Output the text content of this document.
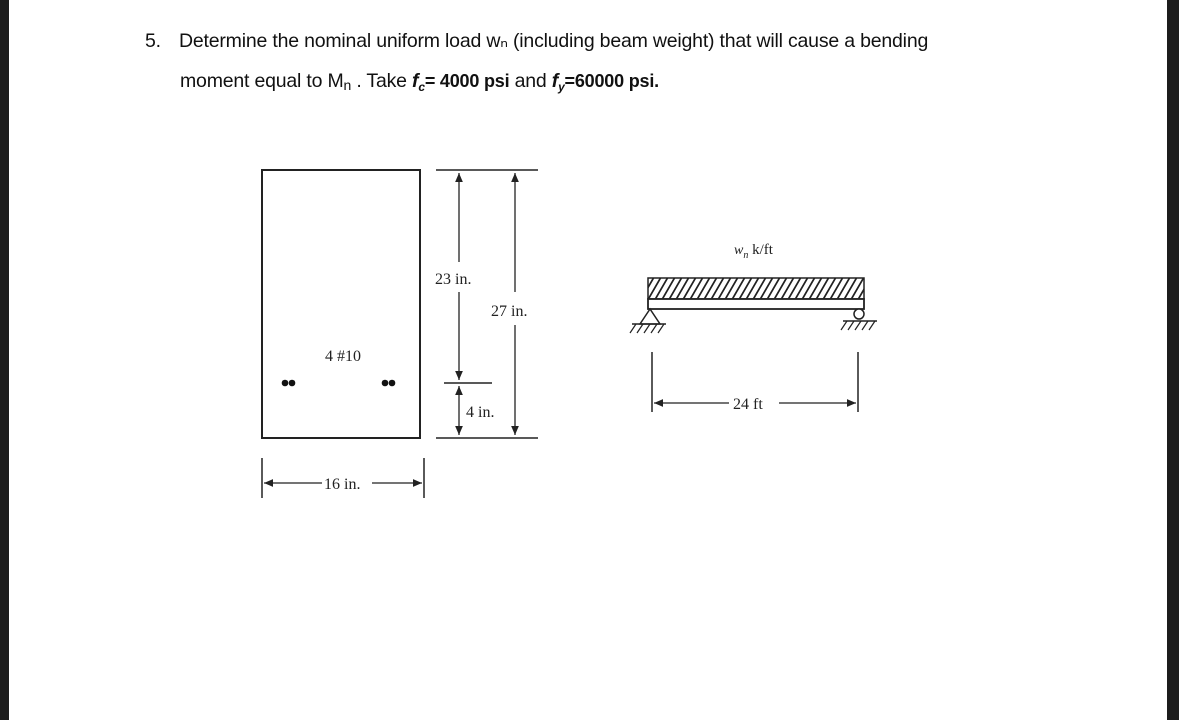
5. Determine the nominal uniform load wₙ (including beam weight) that will cause a bending
moment equal to Mn . Take $f_c= 4000$ psi and $f_y=60000$ psi.
4 #10
16 in.
23 in.
4 in.
27 in.
$w_n$ k/ft
24 ft
